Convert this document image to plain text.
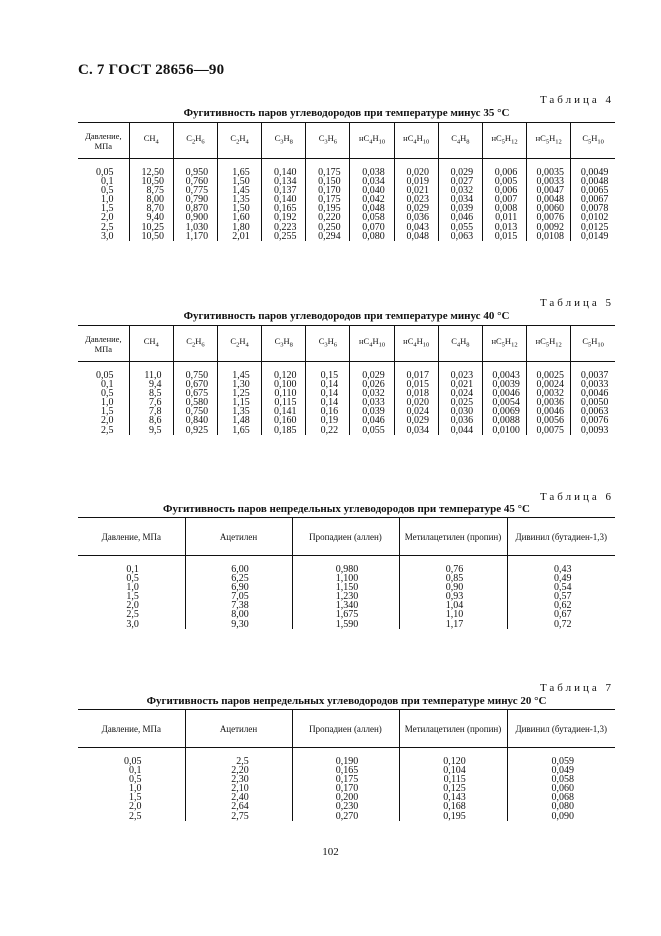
С. 7 ГОСТ 28656—90
Таблица 4
Фугитивность паров углеводородов при температуре минус 35 °С
Давление, МПа	$CH_4$	$C_2H_6$	$C_2H_4$	$C_3H_8$	$C_3H_6$	$нC_4H_{10}$	$нC_4H_{10}$	$C_4H_8$	$нC_5H_{12}$	$нC_5H_{12}$	$C_5H_{10}$
0,05	12,50	0,950	1,65	0,140	0,175	0,038	0,020	0,029	0,006	0,0035	0,0049
0,1	10,50	0,760	1,50	0,134	0,150	0,034	0,019	0,027	0,005	0,0033	0,0048
0,5	8,75	0,775	1,45	0,137	0,170	0,040	0,021	0,032	0,006	0,0047	0,0065
1,0	8,00	0,790	1,35	0,140	0,175	0,042	0,023	0,034	0,007	0,0048	0,0067
1,5	8,70	0,870	1,50	0,165	0,195	0,048	0,029	0,039	0,008	0,0060	0,0078
2,0	9,40	0,900	1,60	0,192	0,220	0,058	0,036	0,046	0,011	0,0076	0,0102
2,5	10,25	1,030	1,80	0,223	0,250	0,070	0,043	0,055	0,013	0,0092	0,0125
3,0	10,50	1,170	2,01	0,255	0,294	0,080	0,048	0,063	0,015	0,0108	0,0149
Таблица 5
Фугитивность паров углеводородов при температуре минус 40 °С
Давление, МПа	$CH_4$	$C_2H_6$	$C_2H_4$	$C_3H_8$	$C_3H_6$	$нC_4H_{10}$	$нC_4H_{10}$	$C_4H_8$	$нC_5H_{12}$	$нC_5H_{12}$	$C_5H_{10}$
0,05	11,0	0,750	1,45	0,120	0,15	0,029	0,017	0,023	0,0043	0,0025	0,0037
0,1	9,4	0,670	1,30	0,100	0,14	0,026	0,015	0,021	0,0039	0,0024	0,0033
0,5	8,5	0,675	1,25	0,110	0,14	0,032	0,018	0,024	0,0046	0,0032	0,0046
1,0	7,6	0,580	1,15	0,115	0,14	0,033	0,020	0,025	0,0054	0,0036	0,0050
1,5	7,8	0,750	1,35	0,141	0,16	0,039	0,024	0,030	0,0069	0,0046	0,0063
2,0	8,6	0,840	1,48	0,160	0,19	0,046	0,029	0,036	0,0088	0,0056	0,0076
2,5	9,5	0,925	1,65	0,185	0,22	0,055	0,034	0,044	0,0100	0,0075	0,0093
Таблица 6
Фугитивность паров непредельных углеводородов при температуре 45 °С
Давление, МПа	Ацетилен	Пропадиен (аллен)	Метилацетилен (пропин)	Дивинил (бутадиен-1,3)
0,1	6,00	0,980	0,76	0,43
0,5	6,25	1,100	0,85	0,49
1,0	6,90	1,150	0,90	0,54
1,5	7,05	1,230	0,93	0,57
2,0	7,38	1,340	1,04	0,62
2,5	8,00	1,675	1,10	0,67
3,0	9,30	1,590	1,17	0,72
Таблица 7
Фугитивность паров непредельных углеводородов при температуре минус 20 °С
Давление, МПа	Ацетилен	Пропадиен (аллен)	Метилацетилен (пропин)	Дивинил (бутадиен-1,3)
0,05	2,5	0,190	0,120	0,059
0,1	2,20	0,165	0,104	0,049
0,5	2,30	0,175	0,115	0,058
1,0	2,10	0,170	0,125	0,060
1,5	2,40	0,200	0,143	0,068
2,0	2,64	0,230	0,168	0,080
2,5	2,75	0,270	0,195	0,090
102
